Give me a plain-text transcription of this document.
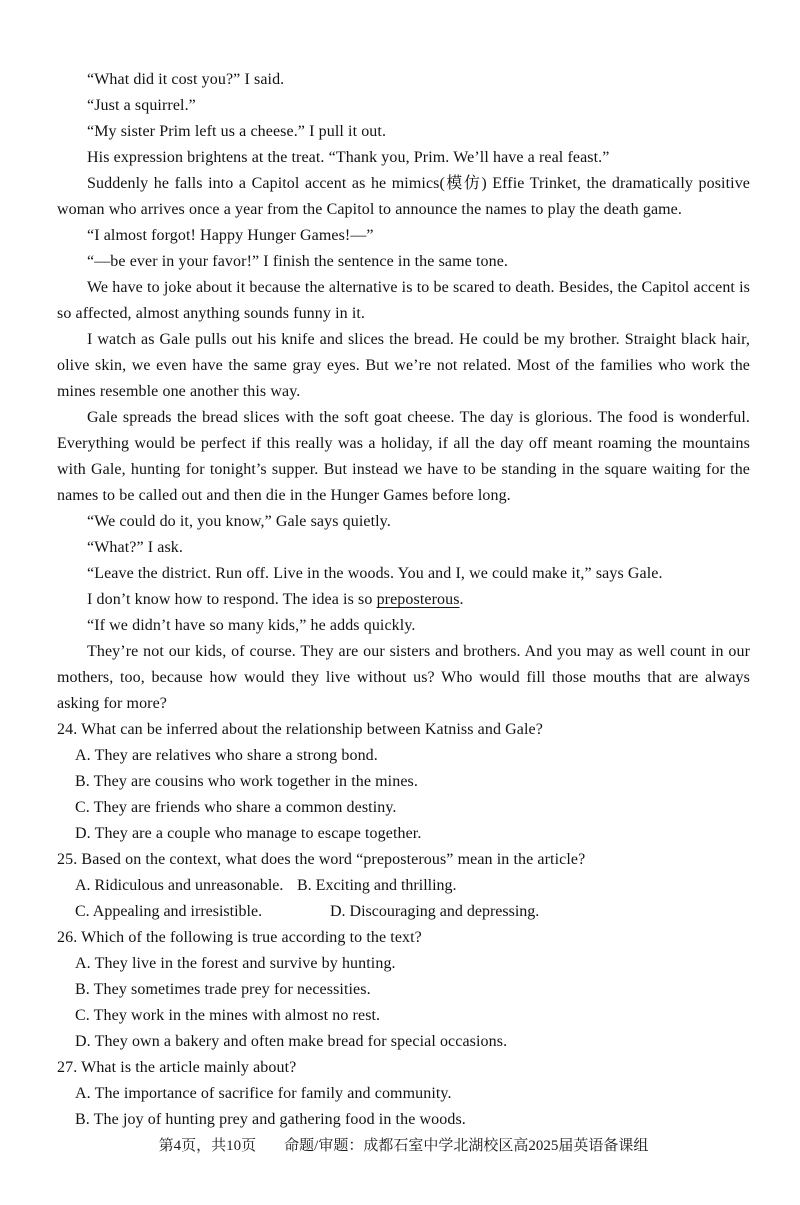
“What did it cost you?” I said.

“Just a squirrel.”

“My sister Prim left us a cheese.” I pull it out.

His expression brightens at the treat. “Thank you, Prim. We’ll have a real feast.”

Suddenly he falls into a Capitol accent as he mimics(模仿) Effie Trinket, the dramatically positive woman who arrives once a year from the Capitol to announce the names to play the death game.

“I almost forgot! Happy Hunger Games!—”

“—be ever in your favor!” I finish the sentence in the same tone.

We have to joke about it because the alternative is to be scared to death. Besides, the Capitol accent is so affected, almost anything sounds funny in it.

I watch as Gale pulls out his knife and slices the bread. He could be my brother. Straight black hair, olive skin, we even have the same gray eyes. But we’re not related. Most of the families who work the mines resemble one another this way.

Gale spreads the bread slices with the soft goat cheese. The day is glorious. The food is wonderful. Everything would be perfect if this really was a holiday, if all the day off meant roaming the mountains with Gale, hunting for tonight’s supper. But instead we have to be standing in the square waiting for the names to be called out and then die in the Hunger Games before long.

“We could do it, you know,” Gale says quietly.

“What?” I ask.

“Leave the district. Run off. Live in the woods. You and I, we could make it,” says Gale.

I don’t know how to respond. The idea is so preposterous.

“If we didn’t have so many kids,” he adds quickly.

They’re not our kids, of course. They are our sisters and brothers. And you may as well count in our mothers, too, because how would they live without us? Who would fill those mouths that are always asking for more?

24. What can be inferred about the relationship between Katniss and Gale?

A. They are relatives who share a strong bond.

B. They are cousins who work together in the mines.

C. They are friends who share a common destiny.

D. They are a couple who manage to escape together.

25. Based on the context, what does the word “preposterous” mean in the article?

A. Ridiculous and unreasonable. B. Exciting and thrilling.

C. Appealing and irresistible.	D. Discouraging and depressing.

26. Which of the following is true according to the text?

A. They live in the forest and survive by hunting.

B. They sometimes trade prey for necessities.

C. They work in the mines with almost no rest.

D. They own a bakery and often make bread for special occasions.

27. What is the article mainly about?

A. The importance of sacrifice for family and community.

B. The joy of hunting prey and gathering food in the woods.

第4页，共10页 命题/审题：成都石室中学北湖校区高2025届英语备课组
